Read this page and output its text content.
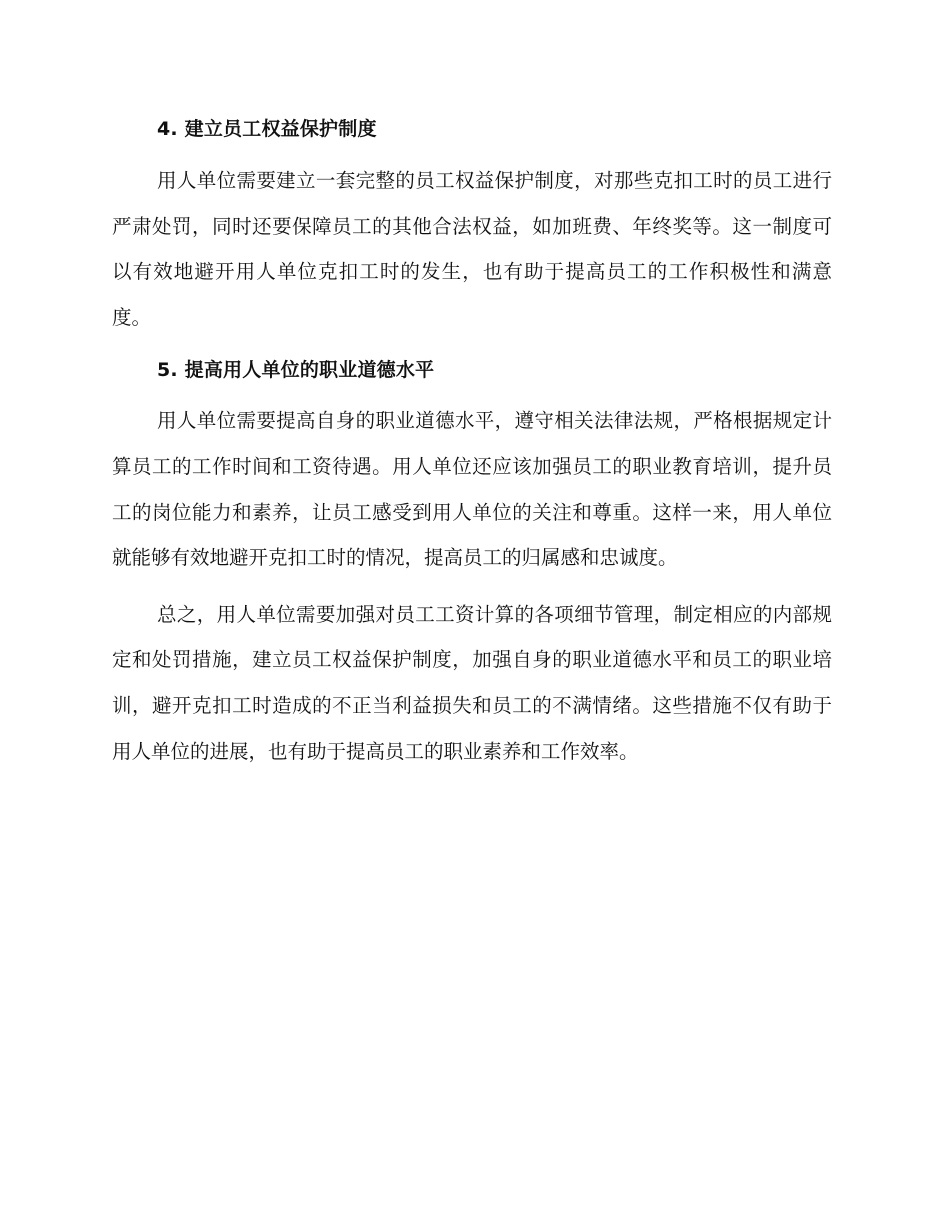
4. 建立员工权益保护制度

用人单位需要建立一套完整的员工权益保护制度，对那些克扣工时的员工进行严肃处罚，同时还要保障员工的其他合法权益，如加班费、年终奖等。这一制度可以有效地避开用人单位克扣工时的发生，也有助于提高员工的工作积极性和满意度。

5. 提高用人单位的职业道德水平

用人单位需要提高自身的职业道德水平，遵守相关法律法规，严格根据规定计算员工的工作时间和工资待遇。用人单位还应该加强员工的职业教育培训，提升员工的岗位能力和素养，让员工感受到用人单位的关注和尊重。这样一来，用人单位就能够有效地避开克扣工时的情况，提高员工的归属感和忠诚度。

总之，用人单位需要加强对员工工资计算的各项细节管理，制定相应的内部规定和处罚措施，建立员工权益保护制度，加强自身的职业道德水平和员工的职业培训，避开克扣工时造成的不正当利益损失和员工的不满情绪。这些措施不仅有助于用人单位的进展，也有助于提高员工的职业素养和工作效率。
